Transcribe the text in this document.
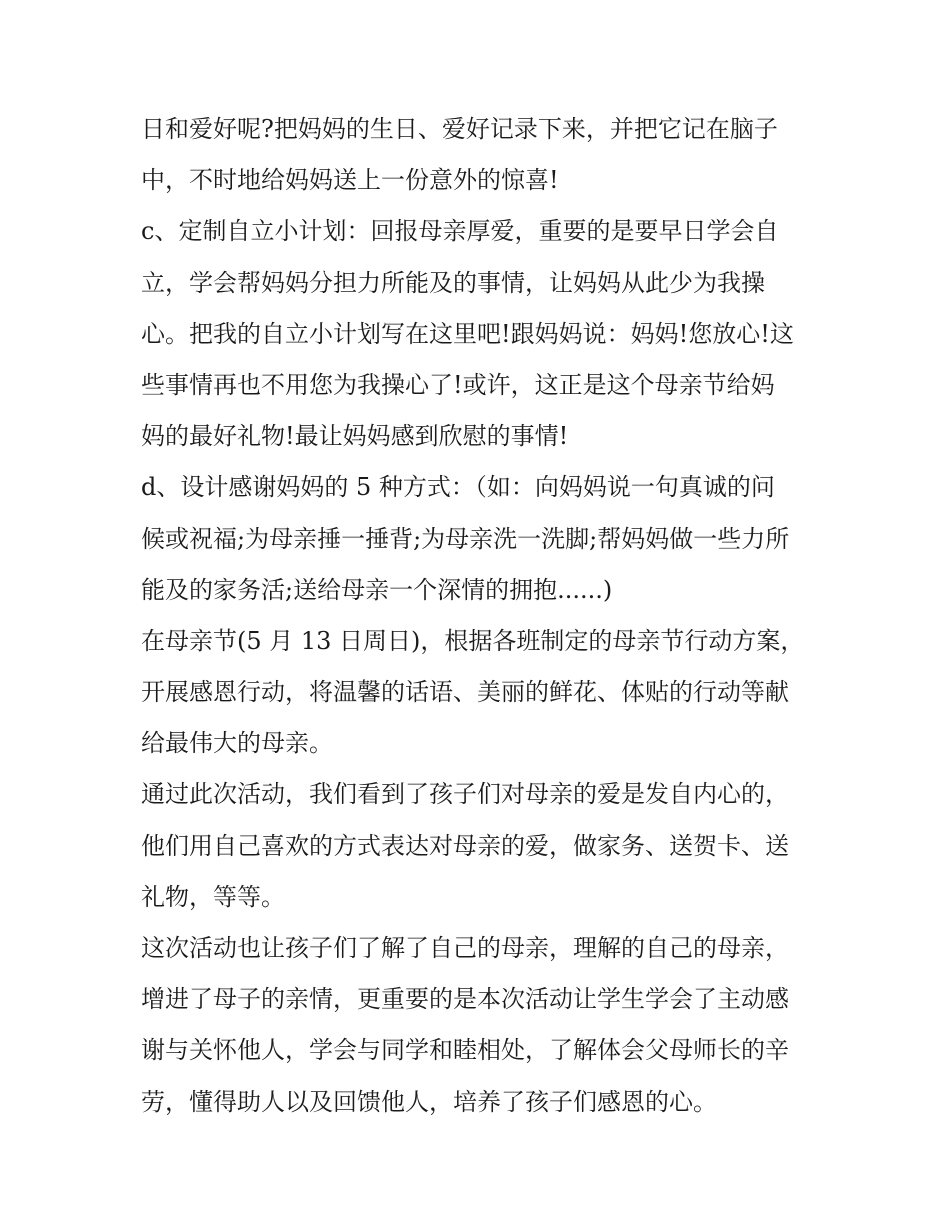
日和爱好呢?把妈妈的生日、爱好记录下来，并把它记在脑子
中，不时地给妈妈送上一份意外的惊喜!
c、定制自立小计划：回报母亲厚爱，重要的是要早日学会自
立，学会帮妈妈分担力所能及的事情，让妈妈从此少为我操
心。把我的自立小计划写在这里吧!跟妈妈说：妈妈!您放心!这
些事情再也不用您为我操心了!或许，这正是这个母亲节给妈
妈的最好礼物!最让妈妈感到欣慰的事情!
d、设计感谢妈妈的 5 种方式：（如：向妈妈说一句真诚的问
候或祝福;为母亲捶一捶背;为母亲洗一洗脚;帮妈妈做一些力所
能及的家务活;送给母亲一个深情的拥抱......)
在母亲节(5 月 13 日周日)，根据各班制定的母亲节行动方案，
开展感恩行动，将温馨的话语、美丽的鲜花、体贴的行动等献
给最伟大的母亲。
通过此次活动，我们看到了孩子们对母亲的爱是发自内心的，
他们用自己喜欢的方式表达对母亲的爱，做家务、送贺卡、送
礼物，等等。
这次活动也让孩子们了解了自己的母亲，理解的自己的母亲，
增进了母子的亲情，更重要的是本次活动让学生学会了主动感
谢与关怀他人，学会与同学和睦相处，了解体会父母师长的辛
劳，懂得助人以及回馈他人，培养了孩子们感恩的心。
